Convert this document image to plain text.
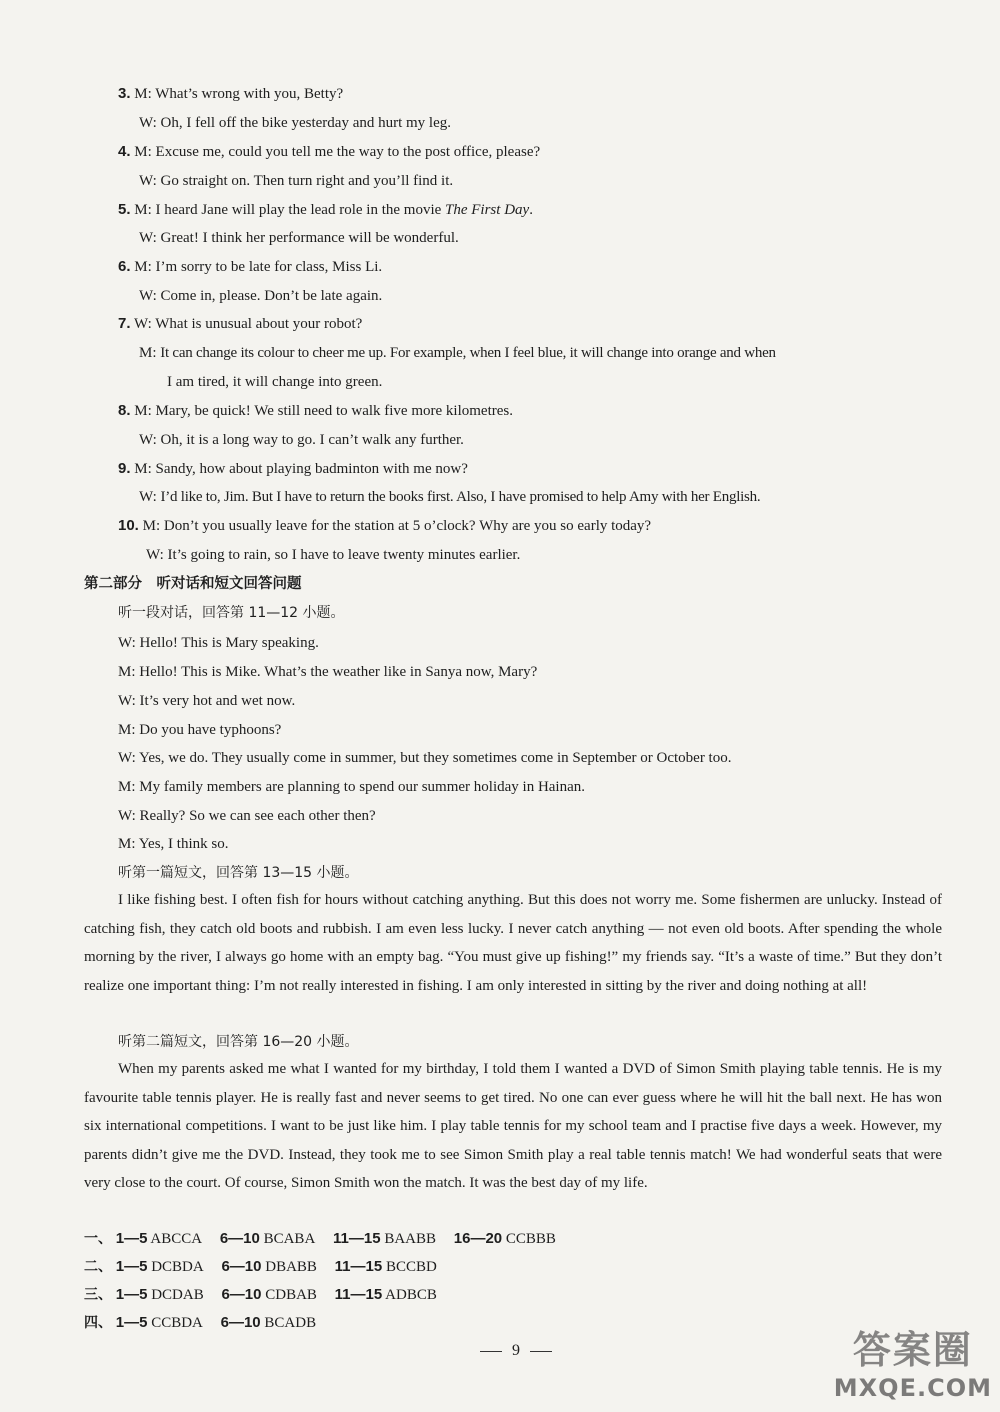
3. M: What’s wrong with you, Betty?
W: Oh, I fell off the bike yesterday and hurt my leg.
4. M: Excuse me, could you tell me the way to the post office, please?
W: Go straight on. Then turn right and you’ll find it.
5. M: I heard Jane will play the lead role in the movie The First Day.
W: Great! I think her performance will be wonderful.
6. M: I’m sorry to be late for class, Miss Li.
W: Come in, please. Don’t be late again.
7. W: What is unusual about your robot?
M: It can change its colour to cheer me up. For example, when I feel blue, it will change into orange and when
I am tired, it will change into green.
8. M: Mary, be quick! We still need to walk five more kilometres.
W: Oh, it is a long way to go. I can’t walk any further.
9. M: Sandy, how about playing badminton with me now?
W: I’d like to, Jim. But I have to return the books first. Also, I have promised to help Amy with her English.
10. M: Don’t you usually leave for the station at 5 o’clock? Why are you so early today?
W: It’s going to rain, so I have to leave twenty minutes earlier.
第二部分　听对话和短文回答问题
听一段对话，回答第 11—12 小题。
W: Hello! This is Mary speaking.
M: Hello! This is Mike. What’s the weather like in Sanya now, Mary?
W: It’s very hot and wet now.
M: Do you have typhoons?
W: Yes, we do. They usually come in summer, but they sometimes come in September or October too.
M: My family members are planning to spend our summer holiday in Hainan.
W: Really? So we can see each other then?
M: Yes, I think so.
听第一篇短文，回答第 13—15 小题。
I like fishing best. I often fish for hours without catching anything. But this does not worry me. Some fishermen are unlucky. Instead of catching fish, they catch old boots and rubbish. I am even less lucky. I never catch anything — not even old boots. After spending the whole morning by the river, I always go home with an empty bag. “You must give up fishing!” my friends say. “It’s a waste of time.” But they don’t realize one important thing: I’m not really interested in fishing. I am only interested in sitting by the river and doing nothing at all!
听第二篇短文，回答第 16—20 小题。
When my parents asked me what I wanted for my birthday, I told them I wanted a DVD of Simon Smith playing table tennis. He is my favourite table tennis player. He is really fast and never seems to get tired. No one can ever guess where he will hit the ball next. He has won six international competitions. I want to be just like him. I play table tennis for my school team and I practise five days a week. However, my parents didn’t give me the DVD. Instead, they took me to see Simon Smith play a real table tennis match! We had wonderful seats that were very close to the court. Of course, Simon Smith won the match. It was the best day of my life.
一、 1—5 ABCCA 6—10 BCABA 11—15 BAABB 16—20 CCBBB
二、 1—5 DCBDA 6—10 DBABB 11—15 BCCBD
三、 1—5 DCDAB 6—10 CDBAB 11—15 ADBCB
四、 1—5 CCBDA 6—10 BCADB
9	答案圈
MXQE.COM
